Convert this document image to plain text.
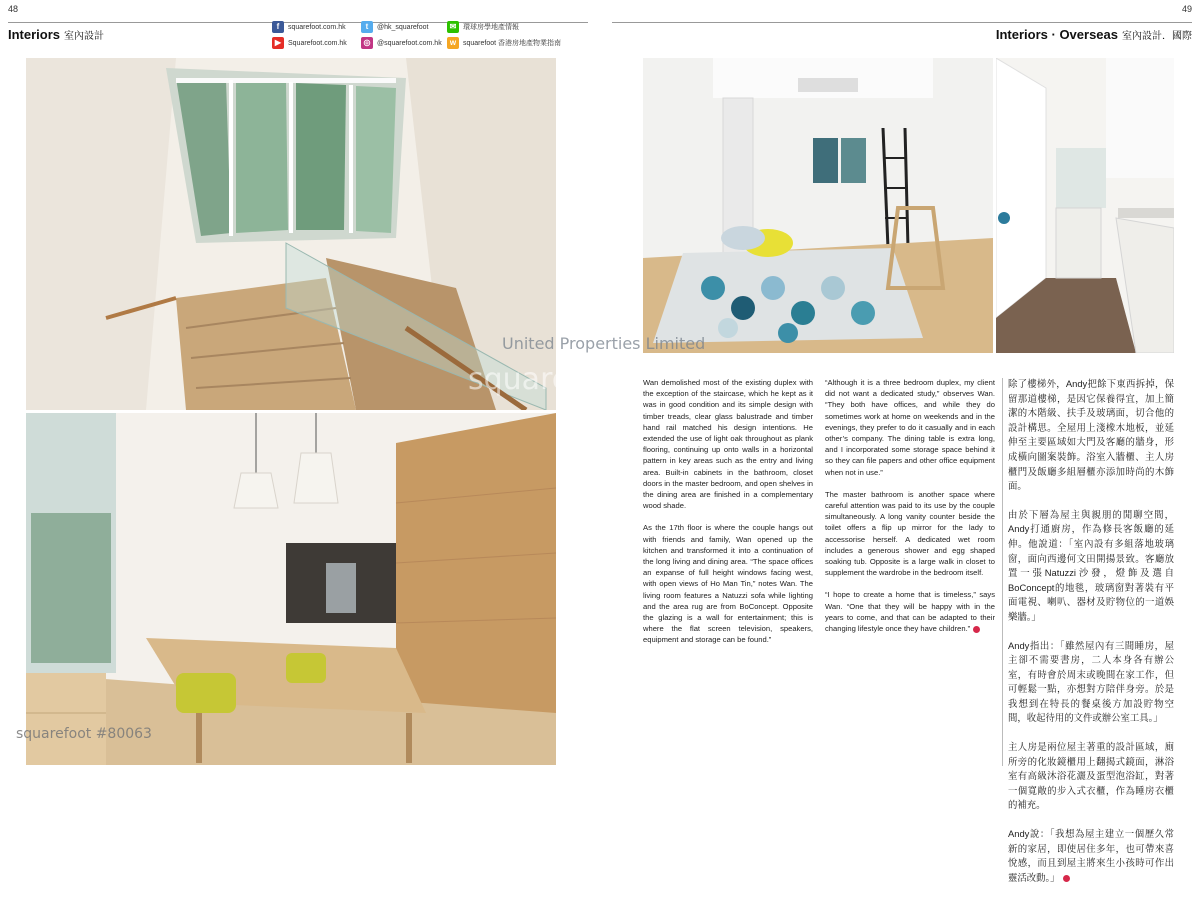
48	49
Interiors 室內設計	Interiors · Overseas 室內設計．國際
f	squarefoot.com.hk
▶ Squarefoot.com.hk
t	@hk_squarefoot
◎ @squarefoot.com.hk
✉ 環球房學地產情報
w squarefoot 香港房地產物業指南
United Properties Limited
squarefoot
squarefoot #80063

Wan demolished most of the existing duplex with the exception of the staircase, which he kept as it was in good condition and its simple design with timber treads, clear glass balustrade and timber hand rail matched his design intentions. He extended the use of light oak throughout as plank flooring, continuing up onto walls in a horizontal pattern in key areas such as the entry and living area. Built-in cabinets in the bathroom, closet doors in the master bedroom, and open shelves in the dining area are finished in a complementary wood shade.

As the 17th floor is where the couple hangs out with friends and family, Wan opened up the kitchen and transformed it into a continuation of the long living and dining area. “The space offices an expanse of full height windows facing west, with open views of Ho Man Tin,” notes Wan. The living room features a Natuzzi sofa while lighting and the area rug are from BoConcept. Opposite the glazing is a wall for entertainment; this is where the flat screen television, speakers, equipment and storage can be found.”

“Although it is a three bedroom duplex, my client did not want a dedicated study,” observes Wan. “They both have offices, and while they do sometimes work at home on weekends and in the evenings, they prefer to do it casually and in each other’s company. The dining table is extra long, and I incorporated some storage space behind it so they can file papers and other office equipment when not in use.”

The master bathroom is another space where careful attention was paid to its use by the couple simultaneously. A long vanity counter beside the toilet offers a flip up mirror for the lady to accessorise herself. A dedicated wet room includes a generous shower and egg shaped soaking tub. Opposite is a large walk in closet to supplement the wardrobe in the bedroom itself.

“I hope to create a home that is timeless,” says Wan. “One that they will be happy with in the years to come, and that can be adapted to their changing lifestyle once they have children.”

除了樓梯外，Andy把餘下東西拆掉，保留那道樓梯，是因它保養得宜，加上簡潔的木階級、扶手及玻璃面，切合他的設計構思。全屋用上淺橡木地板，並延伸至主要區域如大門及客廳的牆身，形成橫向圖案裝飾。浴室入牆櫃、主人房櫃門及飯廳多組層櫃亦添加時尚的木飾面。

由於下層為屋主與親朋的閒聊空間，Andy打通廚房，作為修長客飯廳的延伸。他說道：「室內設有多組落地玻璃窗，面向西邊何文田開揚景致。客廳放置一張Natuzzi沙發，燈飾及選自BoConcept的地毯，玻璃窗對著裝有平面電視、喇叭、器材及貯物位的一道娛樂牆。」

Andy指出：「雖然屋內有三間睡房，屋主卻不需要書房，二人本身各有辦公室，有時會於周末或晚間在家工作，但可輕鬆一點，亦想對方陪伴身旁。於是我想到在特長的餐桌後方加設貯物空間，收起待用的文件或辦公室工具。」

主人房是兩位屋主著重的設計區域，廁所旁的化妝鏡櫃用上翻揭式鏡面，淋浴室有高級沐浴花灑及蛋型泡浴缸，對著一個寬敞的步入式衣櫃，作為睡房衣櫃的補充。

Andy說：「我想為屋主建立一個歷久常新的家居，即使居住多年，也可帶來喜悅感，而且到屋主將來生小孩時可作出靈活改動。」
